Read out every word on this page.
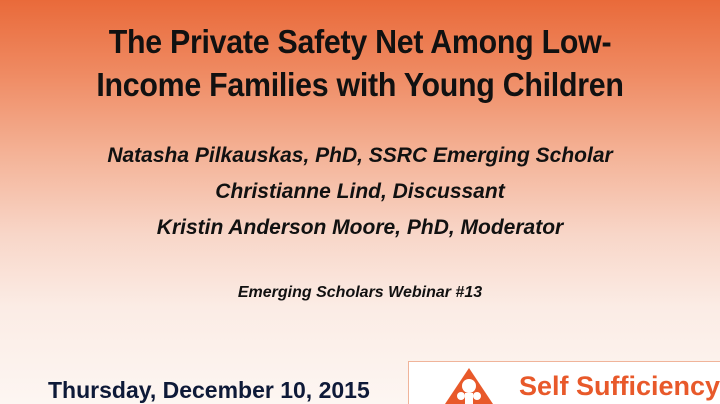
The Private Safety Net Among Low-
Income Families with Young Children
Natasha Pilkauskas, PhD, SSRC Emerging Scholar
Christianne Lind, Discussant
Kristin Anderson Moore, PhD, Moderator
Emerging Scholars Webinar #13
Thursday, December 10, 2015	Self Sufficiency
